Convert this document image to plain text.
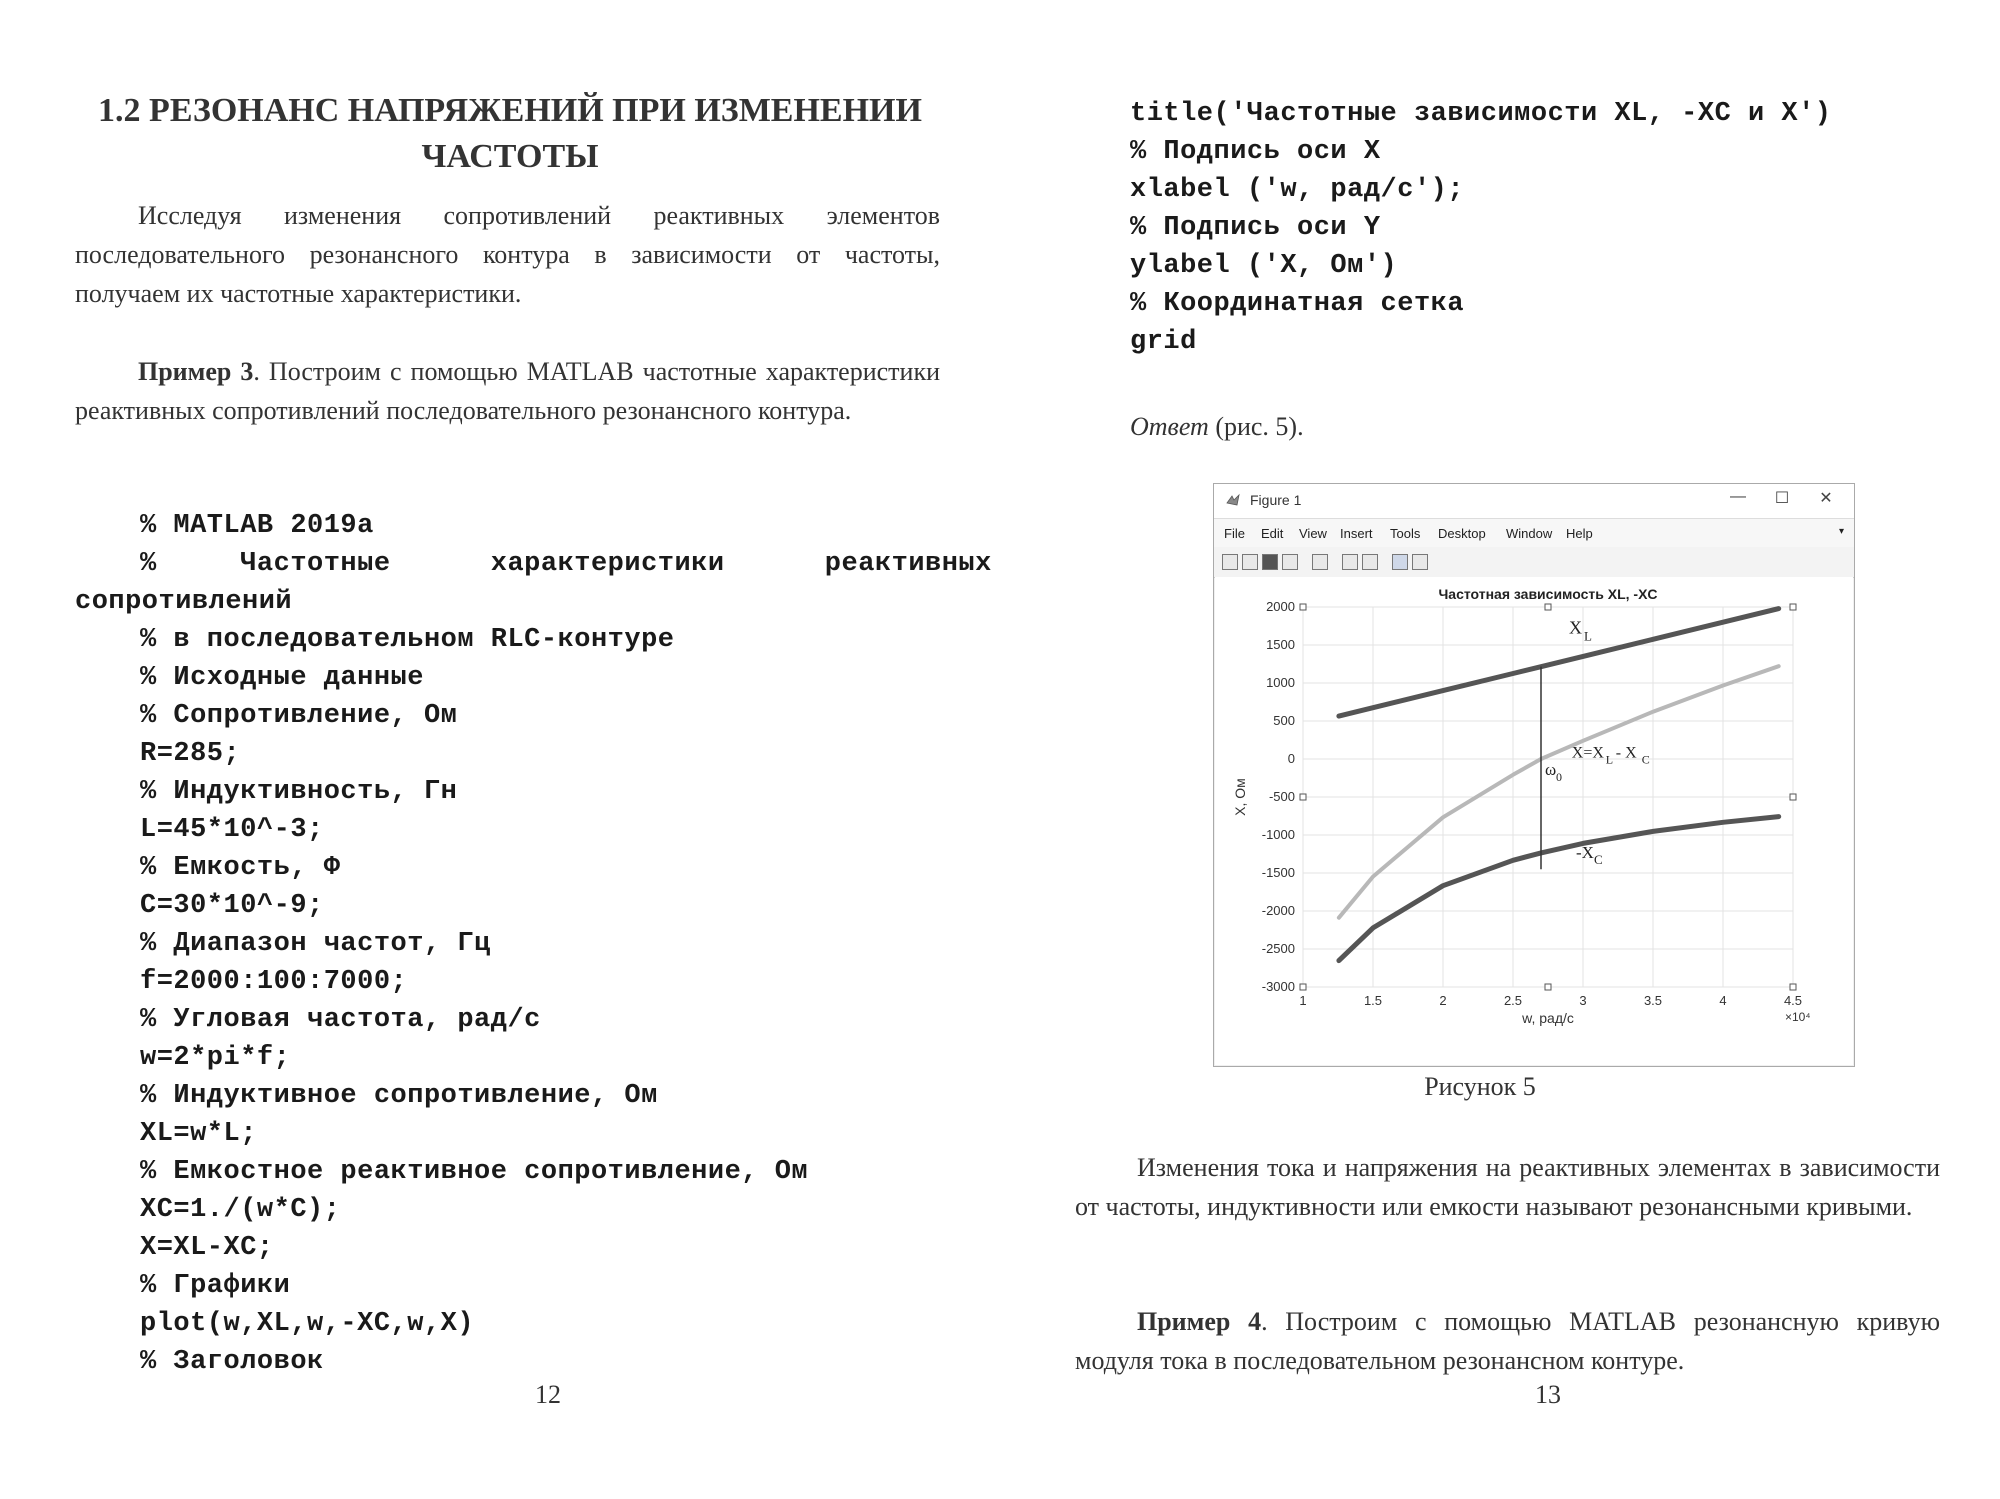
1.2 РЕЗОНАНС НАПРЯЖЕНИЙ ПРИ ИЗМЕНЕНИИ
ЧАСТОТЫ

Исследуя изменения сопротивлений реактивных элементов последовательного резонансного контура в зависимости от частоты, получаем их частотные характеристики.

Пример 3. Построим с помощью MATLAB частотные характеристики реактивных сопротивлений последовательного резонансного контура.

% MATLAB 2019a
%     Частотные      характеристики      реактивных
сопротивлений
% в последовательном RLC-контуре
% Исходные данные
% Сопротивление, Ом
R=285;
% Индуктивность, Гн
L=45*10^-3;
% Емкость, Ф
C=30*10^-9;
% Диапазон частот, Гц
f=2000:100:7000;
% Угловая частота, рад/с
w=2*pi*f;
% Индуктивное сопротивление, Ом
XL=w*L;
% Емкостное реактивное сопротивление, Ом
XC=1./(w*C);
X=XL-XC;
% Графики
plot(w,XL,w,-XC,w,X)
% Заголовок
12
title('Частотные зависимости XL, -XC и X')
% Подпись оси X
xlabel ('w, рад/с');
% Подпись оси Y
ylabel ('X, Ом')
% Координатная сетка
grid
Ответ (рис. 5).
Рисунок 5

Изменения тока и напряжения на реактивных элементах в зависимости от частоты, индуктивности или емкости называют резонансными кривыми.

Пример 4. Построим с помощью MATLAB резонансную кривую модуля тока в последовательном резонансном контуре.

13
Figure 1	—	☐	✕
File Edit View Insert Tools Desktop Window Help	▾
1	1.5	2	2.5	3	3.5	4	4.5
2000
1500
1000
500
0
-500
-1000
-1500
-2000
-2500
-3000
×10⁴
Частотная зависимость XL, -XC
w, рад/с
X, Ом
X L
X=X L - X C
-X C
ω 0
